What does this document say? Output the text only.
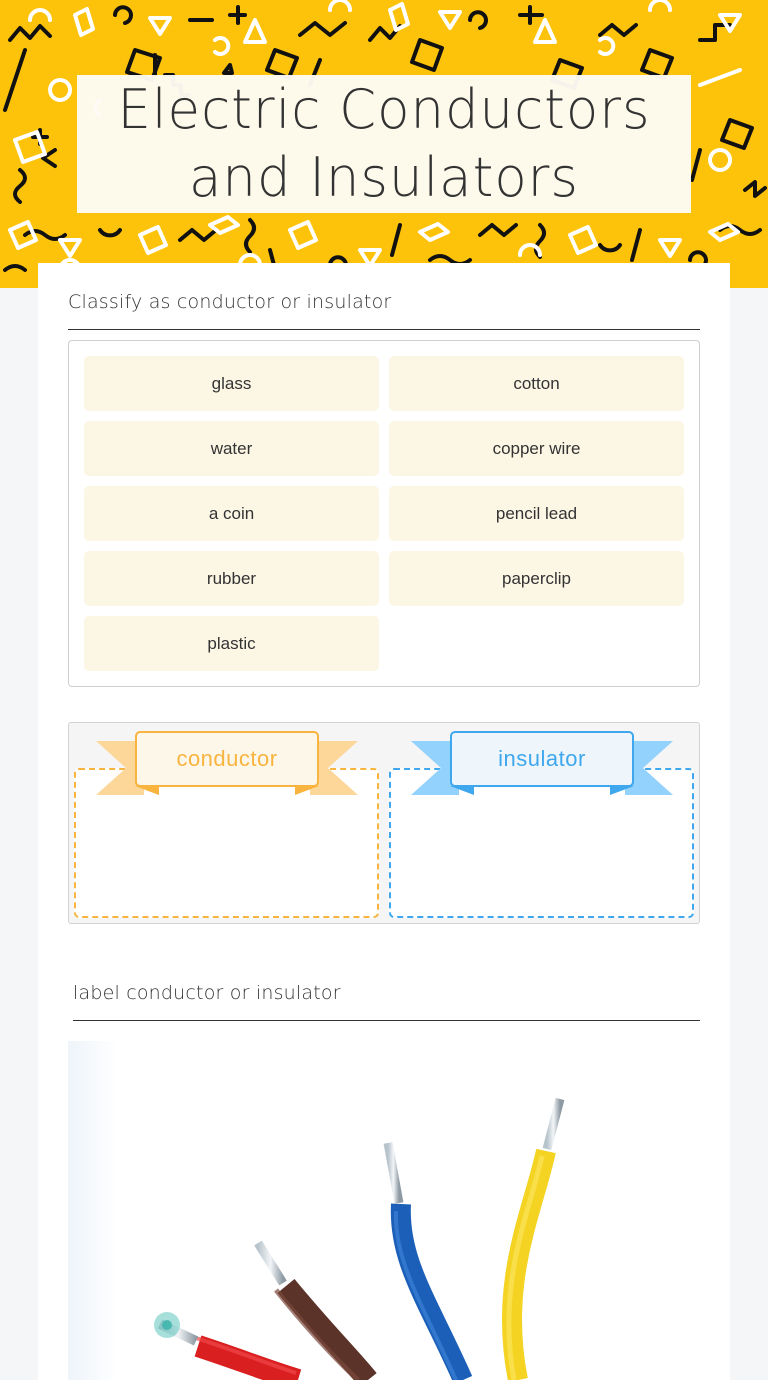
Electric Conductors
and Insulators
Classify as conductor or insulator
glass	cotton
water	copper wire
a coin	pencil lead
rubber	paperclip
plastic
conductor	insulator
label conductor or insulator
